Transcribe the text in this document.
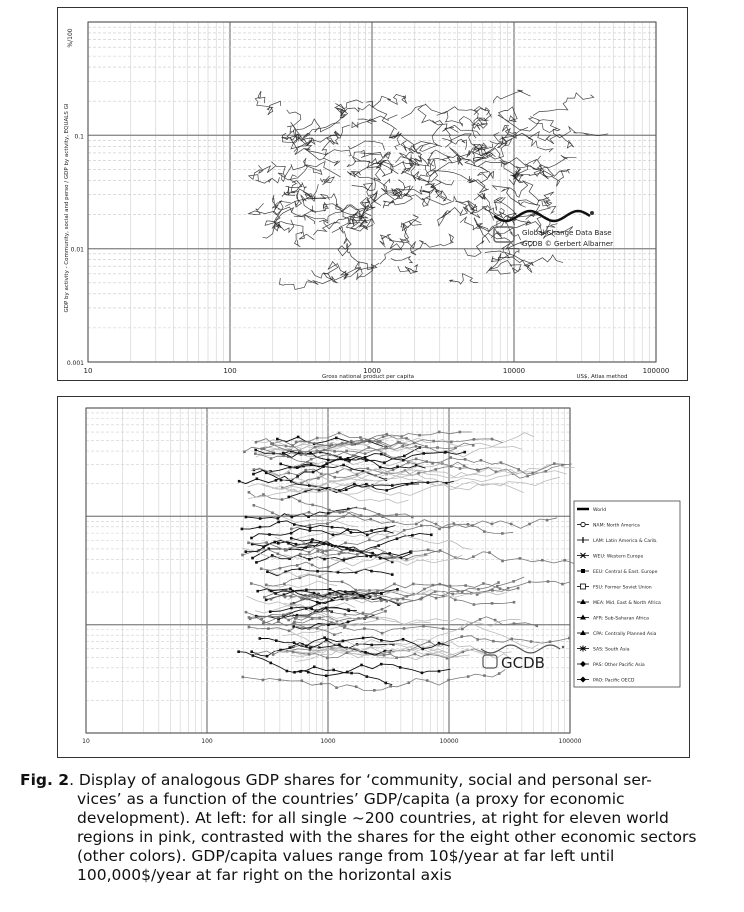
10	100	1000	10000	100000
0.001
0.01
0.1
%/100
GDP by activity - Community, social and perso / GDP by activity, EQUALS GI
Gross national product per capita	US$, Atlas method
Global Change Data Base
GCDB © Gerbert Albarner
10	100	1000	10000	100000
GCDB
World
NAM: North America
LAM: Latin America & Carib.
WEU: Western Europe
EEU: Central & East. Europe
FSU: Former Soviet Union
MEA: Mid. East & North Africa
AFR: Sub-Saharan Africa
CPA: Centrally Planned Asia
SAS: South Asia
PAS: Other Pacific Asia
PAO: Pacific OECD
Fig. 2. Display of analogous GDP shares for ‘community, social and personal ser-
vices’ as a function of the countries’ GDP/capita (a proxy for economic development). At left: for all single ~200 countries, at right for eleven world regions in pink, contrasted with the shares for the eight other economic sectors (other colors). GDP/capita values range from 10$/year at far left until 100,000$/year at far right on the horizontal axis
